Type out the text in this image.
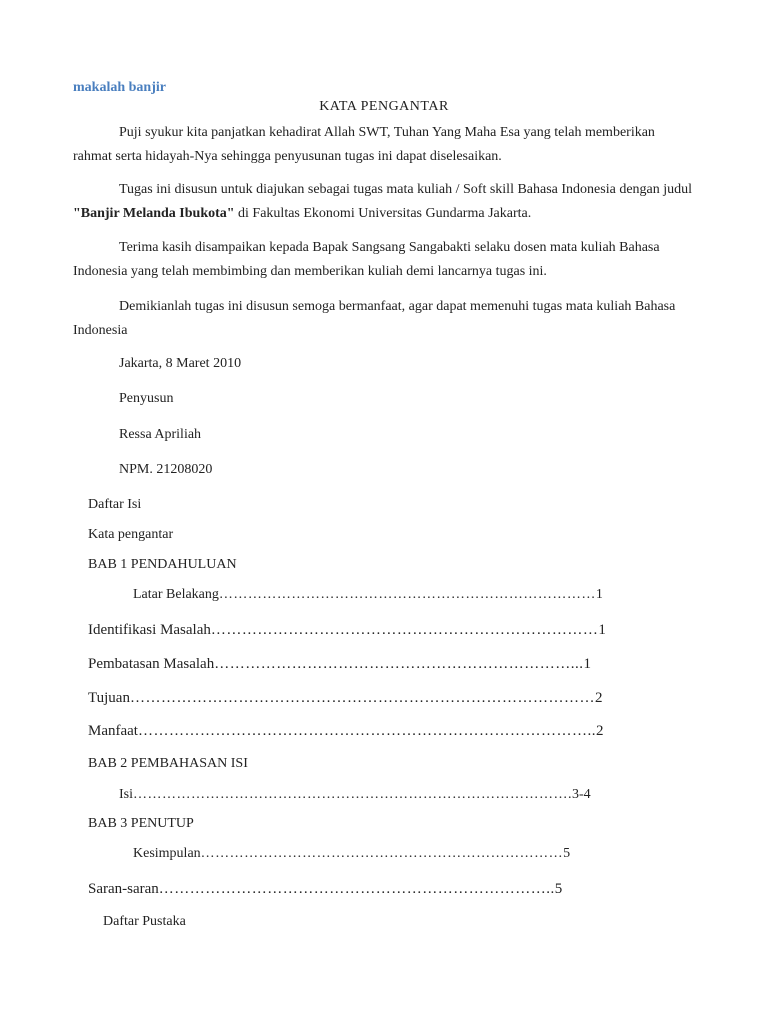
makalah banjir
KATA PENGANTAR
Puji syukur kita panjatkan kehadirat Allah SWT, Tuhan Yang Maha Esa yang telah memberikan rahmat serta hidayah-Nya sehingga penyusunan tugas ini dapat diselesaikan.
Tugas ini disusun untuk diajukan sebagai tugas mata kuliah / Soft skill Bahasa Indonesia dengan judul "Banjir Melanda Ibukota" di Fakultas Ekonomi Universitas Gundarma Jakarta.
Terima kasih disampaikan kepada Bapak Sangsang Sangabakti selaku dosen mata kuliah Bahasa Indonesia yang telah membimbing dan memberikan kuliah demi lancarnya tugas ini.
Demikianlah tugas ini disusun semoga bermanfaat, agar dapat memenuhi tugas mata kuliah Bahasa Indonesia
Jakarta, 8 Maret 2010
Penyusun
Ressa Apriliah
NPM. 21208020
Daftar Isi
Kata pengantar
BAB 1 PENDAHULUAN
Latar Belakang……………………………………………………………………1
Identifikasi Masalah…………………………………………………………………1
Pembatasan Masalah……………………………………………………………...1
Tujuan………………………………………………………………………………2
Manfaat……………………………………………………………………………..2
BAB 2 PEMBAHASAN ISI
Isi……………………………………………………………………………….3-4
BAB 3 PENUTUP
Kesimpulan…………………………………………………………………5
Saran-saran…………………………………………………………………..5
Daftar Pustaka
